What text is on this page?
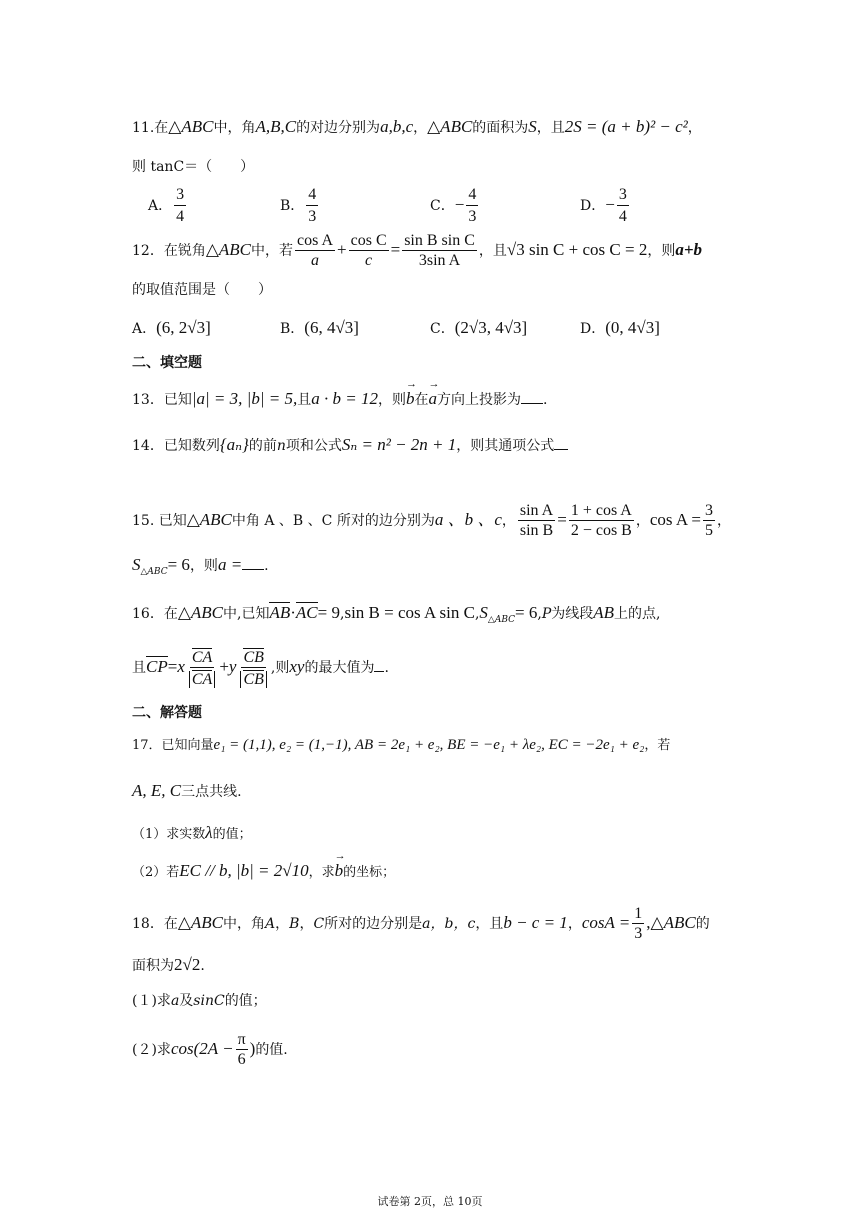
11.在△ABC中，角A,B,C的对边分别为a,b,c，△ABC的面积为S，且2S = (a + b)² − c²，
则 tanC＝（　　）
A． $\frac{3}{4}$	B． $\frac{4}{3}$	C．− $\frac{4}{3}$	D．− $\frac{3}{4}$
12．在锐角△ABC中，若 $\frac{\text{cos A}}{a} + \frac{\text{cos C}}{c} = \frac{\text{sin B sin C}}{\text{3sin A}}$ ，且√3 sin C + cos C = 2，则a+b
的取值范围是（　　）
A．(6, 2√3]	B．(6, 4√3]	C．(2√3, 4√3]	D．(0, 4√3]
二、填空题
13．已知|a| = 3, |b| = 5,且a · b = 12，则→ b在→ a方向上投影为 .
14．已知数列{aₙ}的前n项和公式Sₙ = n² − 2n + 1，则其通项公式
15. 已知△ABC中角 A 、B 、C 所对的边分别为a 、b 、c， $\frac{\text{sin A}}{\text{sin B}} = \frac{\text{1 + cos A}}{\text{2 − cos B}}$ ，$\cos A = \frac{3}{5}$ ，
$S_{\triangle ABC}= 6$，则a = .
16．在△ABC中,已知AB·AC= 9,sin B = cos A $\sin C,S_{\triangle ABC}= 6,P$为线段AB上的点,
且$CP=x \frac{CA}{CA} +y \frac{CB}{CB}$ ,则xy的最大值为 .
二、解答题
17．已知向量e₁ = (1,1), e₂ = (1,−1), AB = 2e₁ + e₂, BE = −e₁ + λe₂, EC = −2e₁ + e₂，若
A, E, C三点共线.
（1）求实数λ的值；
（2）若EC // b, |b| = 2√10，求→ b的坐标；
18．在△ABC中，角A，B，C所对的边分别是a，b，c，且b − c = 1，$\cos A = \frac{1}{3}$ ,△ABC的
面积为2√2.
(１)求a及sinC的值；
(２)求$\cos(2A - \frac{\pi}{6}$ )的值.
试卷第 2页，总 10页
